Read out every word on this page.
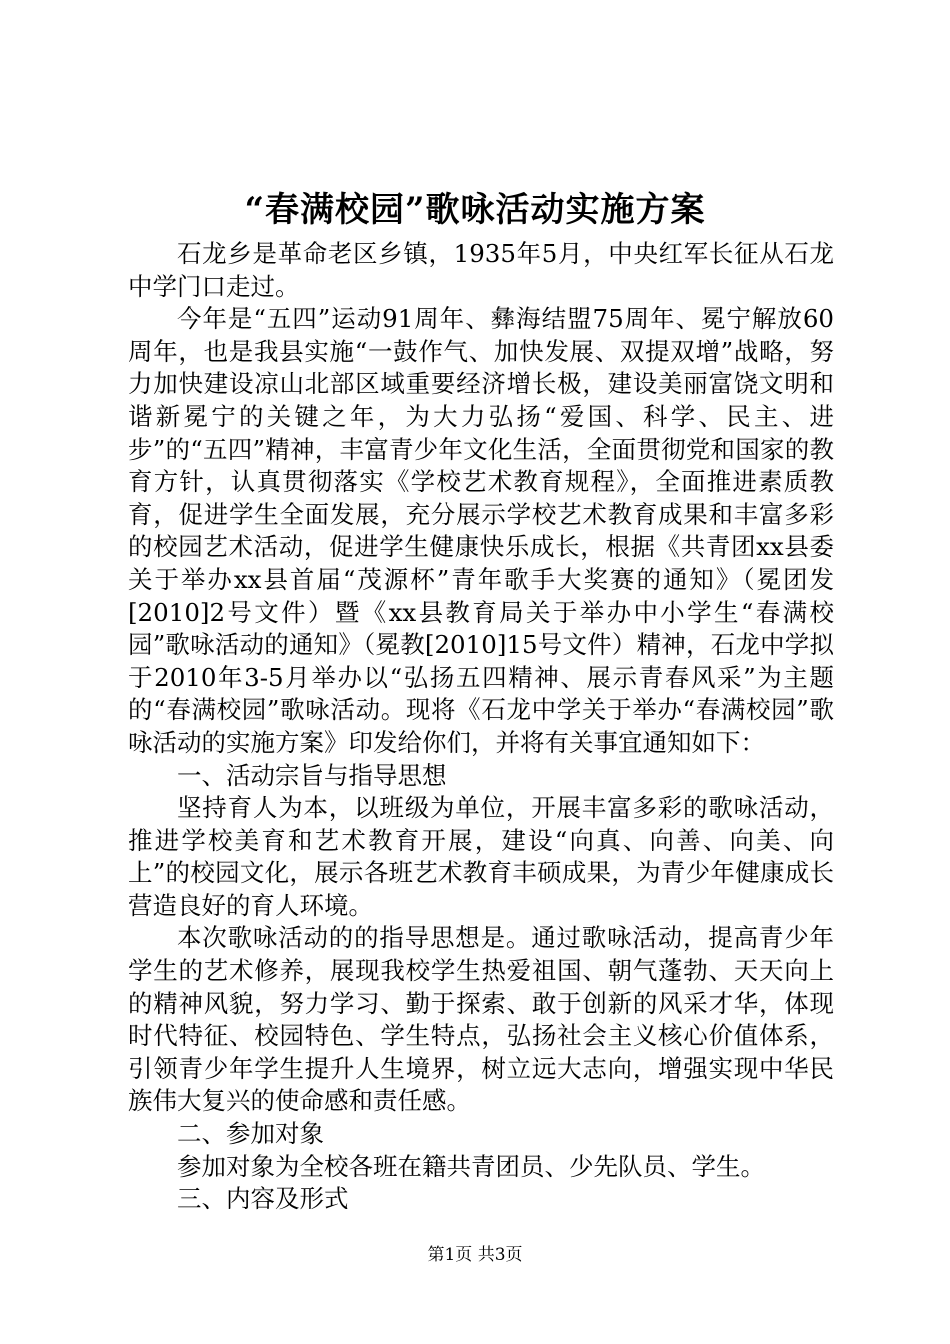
“春满校园”歌咏活动实施方案

石龙乡是革命老区乡镇，1935年5月，中央红军长征从石龙中学门口走过。

今年是“五四”运动91周年、彝海结盟75周年、冕宁解放60周年，也是我县实施“一鼓作气、加快发展、双提双增”战略，努力加快建设凉山北部区域重要经济增长极，建设美丽富饶文明和谐新冕宁的关键之年，为大力弘扬“爱国、科学、民主、进步”的“五四”精神，丰富青少年文化生活，全面贯彻党和国家的教育方针，认真贯彻落实《学校艺术教育规程》，全面推进素质教育，促进学生全面发展，充分展示学校艺术教育成果和丰富多彩的校园艺术活动，促进学生健康快乐成长，根据《共青团xx县委关于举办xx县首届“茂源杯”青年歌手大奖赛的通知》（冕团发[2010]2号文件）暨《xx县教育局关于举办中小学生“春满校园”歌咏活动的通知》（冕教[2010]15号文件）精神，石龙中学拟于2010年3-5月举办以“弘扬五四精神、展示青春风采”为主题的“春满校园”歌咏活动。现将《石龙中学关于举办“春满校园”歌咏活动的实施方案》印发给你们，并将有关事宜通知如下：

一、活动宗旨与指导思想

坚持育人为本，以班级为单位，开展丰富多彩的歌咏活动，推进学校美育和艺术教育开展，建设“向真、向善、向美、向上”的校园文化，展示各班艺术教育丰硕成果，为青少年健康成长营造良好的育人环境。

本次歌咏活动的的指导思想是。通过歌咏活动，提高青少年学生的艺术修养，展现我校学生热爱祖国、朝气蓬勃、天天向上的精神风貌，努力学习、勤于探索、敢于创新的风采才华，体现时代特征、校园特色、学生特点，弘扬社会主义核心价值体系，引领青少年学生提升人生境界，树立远大志向，增强实现中华民族伟大复兴的使命感和责任感。

二、参加对象

参加对象为全校各班在籍共青团员、少先队员、学生。

三、内容及形式

第1页 共3页
